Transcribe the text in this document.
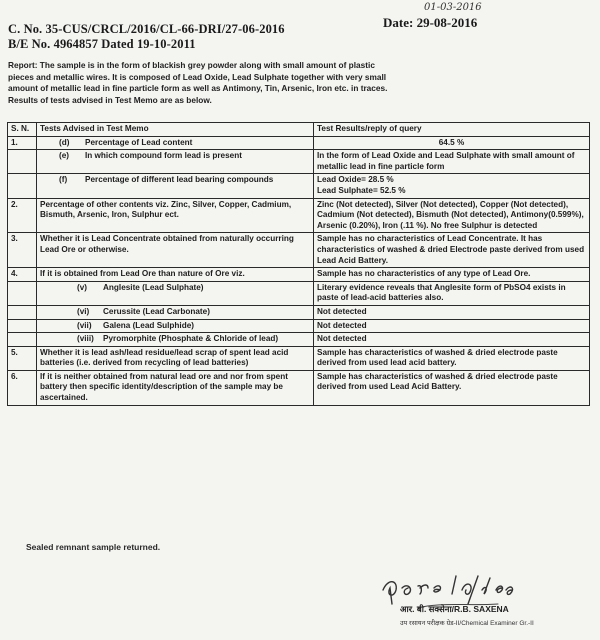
01-03-2016
C. No. 35-CUS/CRCL/2016/CL-66-DRI/27-06-2016	Date: 29-08-2016
B/E No. 4964857 Dated 19-10-2011

Report: The sample is in the form of blackish grey powder along with small amount of plastic

pieces and metallic wires. It is composed of Lead Oxide, Lead Sulphate together with very small

amount of metallic lead in fine particle form as well as Antimony, Tin, Arsenic, Iron etc. in traces.

Results of tests advised in Test Memo are as below.

S. N.	Tests Advised in Test Memo	Test Results/reply of query
1.	(d) Percentage of Lead content	64.5 %

	(e) In which compound form lead is present	In the form of Lead Oxide and Lead Sulphate with small amount of metallic lead in fine particle form

	(f) Percentage of different lead bearing compounds	Lead Oxide= 28.5 %
Lead Sulphate= 52.5 %
2.	Percentage of other contents viz. Zinc, Silver, Copper, Cadmium, Bismuth, Arsenic, Iron, Sulphur ect.	Zinc (Not detected), Silver (Not detected), Copper (Not detected), Cadmium (Not detected), Bismuth (Not detected), Antimony(0.599%), Arsenic (0.20%), Iron (.11 %). No free Sulphur is detected
3.	Whether it is Lead Concentrate obtained from naturally occurring Lead Ore or otherwise.	Sample has no characteristics of Lead Concentrate. It has characteristics of washed & dried Electrode paste derived from used Lead Acid Battery.
4.	If it is obtained from Lead Ore than nature of Ore viz.	Sample has no characteristics of any type of Lead Ore.

	(v) Anglesite (Lead Sulphate)	Literary evidence reveals that Anglesite form of PbSO4 exists in paste of lead-acid batteries also.

	(vi) Cerussite (Lead Carbonate)	Not detected

	(vii) Galena (Lead Sulphide)	Not detected

	(viii) Pyromorphite (Phosphate & Chloride of lead)	Not detected
5.	Whether it is lead ash/lead residue/lead scrap of spent lead acid batteries (i.e. derived from recycling of lead batteries)	Sample has characteristics of washed & dried electrode paste derived from used lead acid battery.
6.	If it is neither obtained from natural lead ore and nor from spent battery then specific identity/description of the sample may be ascertained.	Sample has characteristics of washed & dried electrode paste derived from used Lead Acid Battery.
Sealed remnant sample returned.
आर. बी. सक्सेना/R.B. SAXENA
उप रसायन परीक्षक ग्रेड-II/Chemical Examiner Gr.-II
